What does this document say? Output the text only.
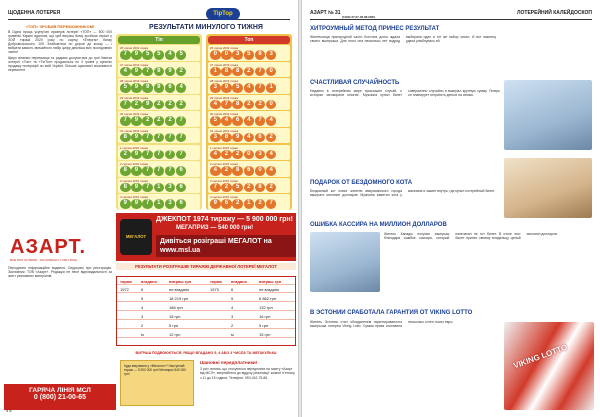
ЩОДЕННА ЛОТЕРЕЯ	TipTop
«ТОП» ЗРОБИВ ПЕРЕМОЖНИКОМ!
В Одесі праць усунутою призерів лотереї «ТОП» — 500 000 гривень! Карині вдалося, що цей виграш йому зробила серіал у ЗОЙ тиражі 2020 року по картці «Енергія» банку Добромільського, 109. Знайомтеся по дорозі до кіоску — і вибрати замість звичайного набір цифр декілька всіх послідовних чисел!
Щиро вітаємо переможця та радимо долучитися до гри! Квитки лотереї «Топ» та «ТіпТоп» продаються по 3 гривні у пунктах продажу поліграфії по всій Україні. Більше щасливої можливості перемогти!
РЕЗУЛЬТАТИ МИНУЛОГО ТИЖНЯ
Тіп
26 липня 2019 тираж
7	9	5	5	4	5
27 липня 2019 тираж
4	9	7	9	9	2
28 липня 2019 тираж
5	9	9	9	6	4
29 липня 2019 тираж
7	2	9	2	2	2
30 липня 2019 тираж
7	9	2	2	2	7
31 липня 2019 тираж
8	9	7	7	7	7
1 серпня 2019 тираж
2	9	7	7	7	7
2 серпня 2019 тираж
8	9	7	7	7	6
3 серпня 2019 тираж
8	9	7	1	3	6
4 серпня 2019 тираж
9	9	7	1	3	6
Топ
26 липня 2019 тираж
0	0	3	5	8	3
27 липня 2019 тираж
1	8	8	2	7	0
28 липня 2019 тираж
3	9	5	4	7	1
29 липня 2019 тираж
4	7	8	2	2	0
30 липня 2019 тираж
5	4	6	4	7	4
31 липня 2019 тираж
3	8	9	4	6	2
1 серпня 2019 тираж
4	2	2	0	3	4
2 серпня 2019 тираж
4	2	8	6	0	4
3 серпня 2019 тираж
7	2	5	2	8	2
4 серпня 2019 тираж
9	6	2	1	2	7
АЗАРТ.
ВСЕ ПРО ЛОТЕРЕЇ · ЗАСНОВАНО У 2001 РОЦІ
Періодичне інформаційне видання. Свідоцтво про реєстрацію. Засновник: ТОВ «Азарт». Редакція не несе відповідальності за зміст рекламних матеріалів.
МЕГАЛОТ
ДЖЕКПОТ 1974 тиражу — 5 900 000 грн!
МЕГАПРИЗ — 540 000 грн!
Дивіться розіграші МЕГАЛОТ на www.msl.ua
РЕЗУЛЬТАТИ РОЗІГРАШІВ ТИРАЖІВ ДЕРЖАВНОЇ ЛОТЕРЕЇ МЕГАЛОТ
тираж вгадано	виграш грн	тираж вгадано	виграш грн
1972	6	не вгадано	1973	6	не вгадано
5	18 219 грн	5	6 862 грн
4	186 грн	4	132 грн
3	18 грн	3	16 грн
2	5 грн	2	5 грн
м	12 грн	м	15 грн
ВИГРАШ ПОДВОЮЄТЬСЯ, ЯКЩО ВГАДАНО 5, 4 АБО 3 ЧИСЛА ТА МЕГАКУЛЬКА
Куди вигравати у «Мегалот»? Наступний тираж — 5 900 000 грн! Мегаприз 540 000 грн!
Шановні передплатники!
З усіх питань, що стосуються передплати на газету «Азарт від МСЛ», звертайтеся до відділу реалізації: кожної п'ятниці з 11 до 15 години. Телефон: 050-442-75-86.
ГАРЯЧА ЛІНІЯ МСЛ
0 (800) 21-00-65
4 6
АЗАРТ № 31
(1162) 27.07-02.08.2020
ЛОТЕРЕЙНИЙ КАЛЕЙДОСКОП
ХИТРОУМНЫЙ МЕТОД ПРИНЕС РЕЗУЛЬТАТ
Жительница пригородной части Бостона долго ждала своего выигрыша. Для этого она несколько лет подряд выбирала один и тот же набор чисел. И вот наконец удача улыбнулась ей.
СЧАСТЛИВАЯ СЛУЧАЙНОСТЬ
Недавно в лотерейном мире произошел случай, о котором заговорили многие. Мужчина купил билет совершенно случайно и выиграл крупную сумму. Теперь он планирует потратить деньги на семью.
ПОДАРОК ОТ БЕЗДОМНОГО КОТА
Бездомный кот помог жителю американского города выиграть миллион долларов. Мужчина заметил кота у магазина и зашел внутрь, где купил лотерейный билет.
ОШИБКА КАССИРА НА МИЛЛИОН ДОЛЛАРОВ
Житель Канады получил выигрыш благодаря ошибке кассира, который напечатал не тот билет. В итоге этот билет принес своему владельцу целый миллион долларов.
В ЭСТОНИИ СРАБОТАЛА ГАРАНТИЯ ОТ VIKING LOTTO
Житель Эстонии стал обладателем гарантированного выигрыша лотереи Viking Lotto. Сумма приза составила несколько сотен тысяч евро.
VIKING LOTTO
